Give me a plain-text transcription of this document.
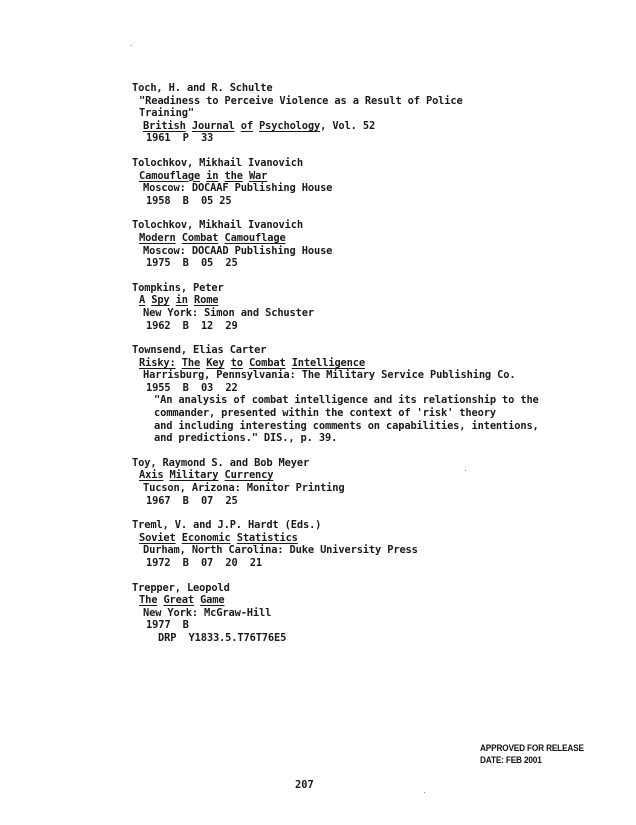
Toch, H. and R. Schulte
"Readiness to Perceive Violence as a Result of Police
Training"
British Journal of Psychology, Vol. 52
1961  P  33
Tolochkov, Mikhail Ivanovich
Camouflage in the War
Moscow: DOCAAF Publishing House
1958  B  05 25
Tolochkov, Mikhail Ivanovich
Modern Combat Camouflage
Moscow: DOCAAD Publishing House
1975  B  05  25
Tompkins, Peter
A Spy in Rome
New York: Simon and Schuster
1962  B  12  29
Townsend, Elias Carter
Risky: The Key to Combat Intelligence
Harrisburg, Pennsylvania: The Military Service Publishing Co.
1955  B  03  22
"An analysis of combat intelligence and its relationship to the
commander, presented within the context of 'risk' theory
and including interesting comments on capabilities, intentions,
and predictions." DIS., p. 39.
Toy, Raymond S. and Bob Meyer
Axis Military Currency
Tucson, Arizona: Monitor Printing
1967  B  07  25
Treml, V. and J.P. Hardt (Eds.)
Soviet Economic Statistics
Durham, North Carolina: Duke University Press
1972  B  07  20  21
Trepper, Leopold
The Great Game
New York: McGraw-Hill
1977  B
DRP  Y1833.5.T76T76E5
APPROVED FOR RELEASE
DATE: FEB 2001
207
